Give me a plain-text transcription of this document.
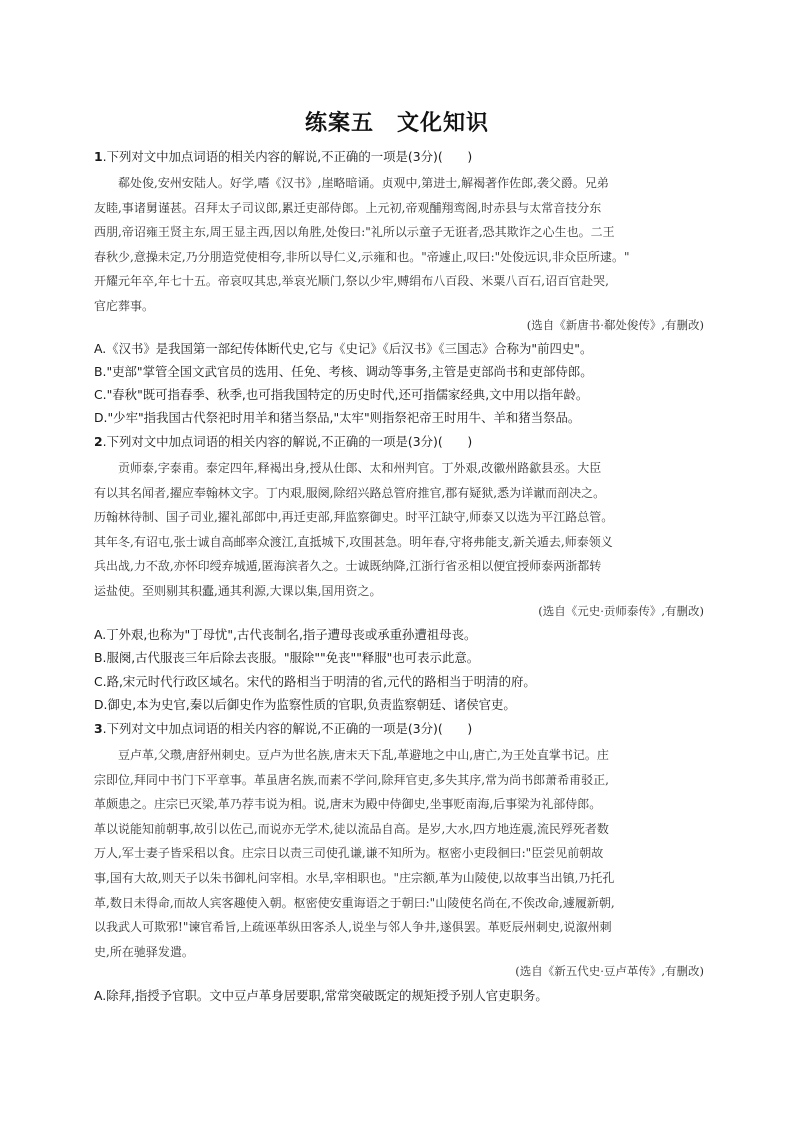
练案五　文化知识
1.下列对文中加点词语的相关内容的解说,不正确的一项是(3分)(　　)
　　郗处俊,安州安陆人。好学,嗜《汉书》,崖略暗诵。贞观中,第进士,解褐著作佐郎,袭父爵。兄弟
友睦,事诸舅谨甚。召拜太子司议郎,累迁吏部侍郎。上元初,帝观酺翔鸾阁,时赤县与太常音技分东
西朋,帝诏雍王贤主东,周王显主西,因以角胜,处俊曰:"礼所以示童子无诳者,恐其欺诈之心生也。二王
春秋少,意操未定,乃分朋造党使相夸,非所以导仁义,示雍和也。"帝遽止,叹曰:"处俊远识,非众臣所逮。"
开耀元年卒,年七十五。帝哀叹其忠,举哀光顺门,祭以少牢,赙绢布八百段、米粟八百石,诏百官赴哭,
官庀葬事。
(选自《新唐书·郗处俊传》,有删改)
A.《汉书》是我国第一部纪传体断代史,它与《史记》《后汉书》《三国志》合称为"前四史"。
B."吏部"掌管全国文武官员的选用、任免、考核、调动等事务,主管是吏部尚书和吏部侍郎。
C."春秋"既可指春季、秋季,也可指我国特定的历史时代,还可指儒家经典,文中用以指年龄。
D."少牢"指我国古代祭祀时用羊和猪当祭品,"太牢"则指祭祀帝王时用牛、羊和猪当祭品。
2.下列对文中加点词语的相关内容的解说,不正确的一项是(3分)(　　)
　　贡师泰,字泰甫。泰定四年,释褐出身,授从仕郎、太和州判官。丁外艰,改徽州路歙县丞。大臣
有以其名闻者,擢应奉翰林文字。丁内艰,服阕,除绍兴路总管府推官,郡有疑狱,悉为详谳而剖决之。
历翰林待制、国子司业,擢礼部郎中,再迁吏部,拜监察御史。时平江缺守,师泰又以选为平江路总管。
其年冬,有诏屯,张士诚自高邮率众渡江,直抵城下,攻围甚急。明年春,守将弗能支,新关遁去,师泰领义
兵出战,力不敌,亦怀印绶弃城遁,匿海滨者久之。士诚既纳降,江浙行省丞相以便宜授师泰两浙都转
运盐使。至则剔其积蠹,通其利源,大课以集,国用资之。
(选自《元史·贡师泰传》,有删改)
A.丁外艰,也称为"丁母忧",古代丧制名,指子遭母丧或承重孙遭祖母丧。
B.服阕,古代服丧三年后除去丧服。"服除""免丧""释服"也可表示此意。
C.路,宋元时代行政区域名。宋代的路相当于明清的省,元代的路相当于明清的府。
D.御史,本为史官,秦以后御史作为监察性质的官职,负责监察朝廷、诸侯官吏。
3.下列对文中加点词语的相关内容的解说,不正确的一项是(3分)(　　)
　　豆卢革,父瓒,唐舒州刺史。豆卢为世名族,唐末天下乱,革避地之中山,唐亡,为王处直掌书记。庄
宗即位,拜同中书门下平章事。革虽唐名族,而素不学问,除拜官吏,多失其序,常为尚书郎萧希甫驳正,
革颇患之。庄宗已灭梁,革乃荐韦说为相。说,唐末为殿中侍御史,坐事贬南海,后事梁为礼部侍郎。
革以说能知前朝事,故引以佐己,而说亦无学术,徒以流品自高。是岁,大水,四方地连震,流民殍死者数
万人,军士妻子皆采稆以食。庄宗日以责三司使孔谦,谦不知所为。枢密小吏段徊曰:"臣尝见前朝故
事,国有大故,则天子以朱书御札问宰相。水旱,宰相职也。"庄宗额,革为山陵使,以故事当出镇,乃托孔
革,数日未得命,而故人宾客趣使入朝。枢密使安重诲语之于朝曰:"山陵使名尚在,不俟改命,遽履新朝,
以我武人可欺邪!"谏官希旨,上疏诬革纵田客杀人,说坐与邻人争井,遂俱罢。革贬辰州刺史,说溆州刺
史,所在驰驿发遣。
(选自《新五代史·豆卢革传》,有删改)
A.除拜,指授予官职。文中豆卢革身居要职,常常突破既定的规矩授予别人官吏职务。
